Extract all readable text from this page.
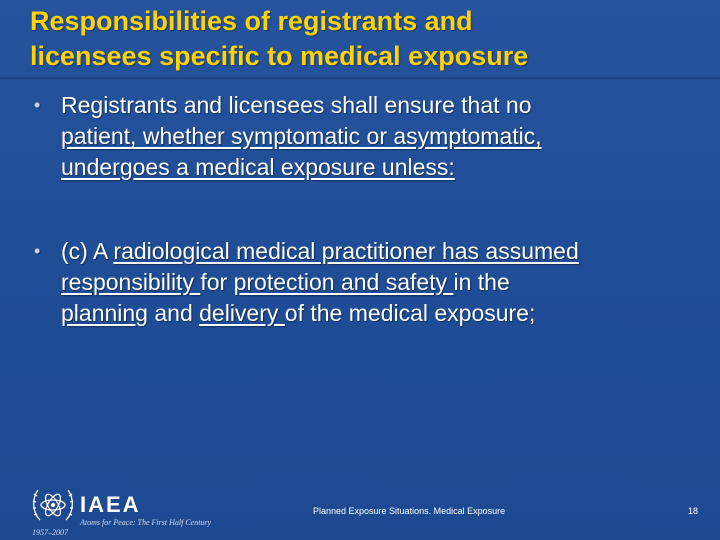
Responsibilities of registrants and
licensees specific to medical exposure
• Registrants and licensees shall ensure that no
patient, whether symptomatic or asymptomatic,
undergoes a medical exposure unless:
• (c) A radiological medical practitioner has assumed
responsibility for protection and safety in the
planning and delivery of the medical exposure;
IAEA
Atoms for Peace: The First Half Century
1957–2007
Planned Exposure Situations. Medical Exposure	18
